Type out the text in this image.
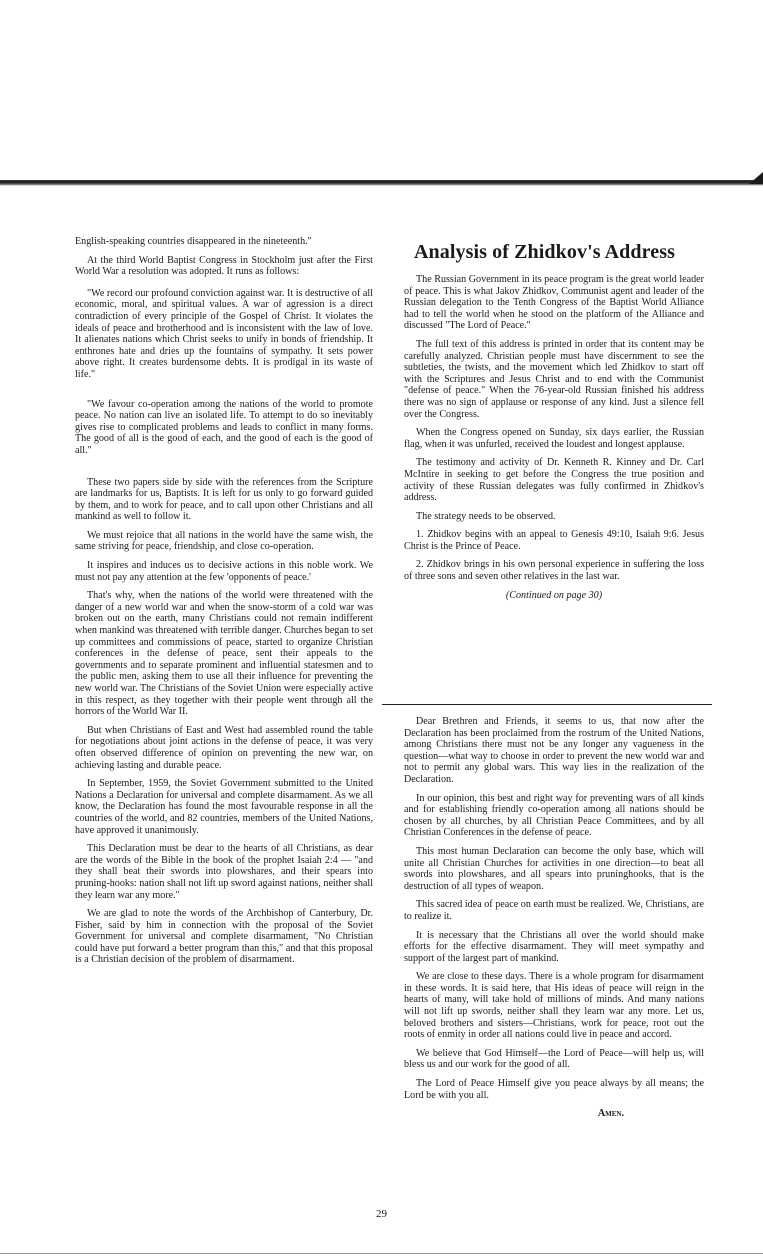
English-speaking countries disappeared in the nineteenth."

At the third World Baptist Congress in Stockholm just after the First World War a resolution was adopted. It runs as follows:

"We record our profound conviction against war. It is destructive of all economic, moral, and spiritual values. A war of agression is a direct contradiction of every principle of the Gospel of Christ. It violates the ideals of peace and brotherhood and is inconsistent with the law of love. It alienates nations which Christ seeks to unify in bonds of friendship. It enthrones hate and dries up the fountains of sympathy. It sets power above right. It creates burdensome debts. It is prodigal in its waste of life."

"We favour co-operation among the nations of the world to promote peace. No nation can live an isolated life. To attempt to do so inevitably gives rise to complicated problems and leads to conflict in many forms. The good of all is the good of each, and the good of each is the good of all."

These two papers side by side with the references from the Scripture are landmarks for us, Baptists. It is left for us only to go forward guided by them, and to work for peace, and to call upon other Christians and all mankind as well to follow it.

We must rejoice that all nations in the world have the same wish, the same striving for peace, friendship, and close co-operation.

It inspires and induces us to decisive actions in this noble work. We must not pay any attention at the few 'opponents of peace.'

That's why, when the nations of the world were threatened with the danger of a new world war and when the snow-storm of a cold war was broken out on the earth, many Christians could not remain indifferent when mankind was threatened with terrible danger. Churches began to set up committees and commissions of peace, started to organize Christian conferences in the defense of peace, sent their appeals to the governments and to separate prominent and influential statesmen and to the public men, asking them to use all their influence for preventing the new world war. The Christians of the Soviet Union were especially active in this respect, as they together with their people went through all the horrors of the World War II.

But when Christians of East and West had assembled round the table for negotiations about joint actions in the defense of peace, it was very often observed difference of opinion on preventing the new war, on achieving lasting and durable peace.

In September, 1959, the Soviet Government submitted to the United Nations a Declaration for universal and complete disarmament. As we all know, the Declaration has found the most favourable response in all the countries of the world, and 82 countries, members of the United Nations, have approved it unanimously.

This Declaration must be dear to the hearts of all Christians, as dear are the words of the Bible in the book of the prophet Isaiah 2:4 — "and they shall beat their swords into plowshares, and their spears into pruning-hooks: nation shall not lift up sword against nations, neither shall they learn war any more."

We are glad to note the words of the Archbishop of Canterbury, Dr. Fisher, said by him in connection with the proposal of the Soviet Government for universal and complete disarmament, "No Christian could have put forward a better program than this," and that this proposal is a Christian decision of the problem of disarmament.

Analysis of Zhidkov's Address

The Russian Government in its peace program is the great world leader of peace. This is what Jakov Zhidkov, Communist agent and leader of the Russian delegation to the Tenth Congress of the Baptist World Alliance had to tell the world when he stood on the platform of the Alliance and discussed "The Lord of Peace."

The full text of this address is printed in order that its content may be carefully analyzed. Christian people must have discernment to see the subtleties, the twists, and the movement which led Zhidkov to start off with the Scriptures and Jesus Christ and to end with the Communist "defense of peace." When the 76-year-old Russian finished his address there was no sign of applause or response of any kind. Just a silence fell over the Congress.

When the Congress opened on Sunday, six days earlier, the Russian flag, when it was unfurled, received the loudest and longest applause.

The testimony and activity of Dr. Kenneth R. Kinney and Dr. Carl McIntire in seeking to get before the Congress the true position and activity of these Russian delegates was fully confirmed in Zhidkov's address.

The strategy needs to be observed.

1. Zhidkov begins with an appeal to Genesis 49:10, Isaiah 9:6. Jesus Christ is the Prince of Peace.

2. Zhidkov brings in his own personal experience in suffering the loss of three sons and seven other relatives in the last war.

(Continued on page 30)

Dear Brethren and Friends, it seems to us, that now after the Declaration has been proclaimed from the rostrum of the United Nations, among Christians there must not be any longer any vagueness in the question—what way to choose in order to prevent the new world war and not to permit any global wars. This way lies in the realization of the Declaration.

In our opinion, this best and right way for preventing wars of all kinds and for establishing friendly co-operation among all nations should be chosen by all churches, by all Christian Peace Committees, and by all Christian Conferences in the defense of peace.

This most human Declaration can become the only base, which will unite all Christian Churches for activities in one direction—to beat all swords into plowshares, and all spears into pruninghooks, that is the destruction of all types of weapon.

This sacred idea of peace on earth must be realized. We, Christians, are to realize it.

It is necessary that the Christians all over the world should make efforts for the effective disarmament. They will meet sympathy and support of the largest part of mankind.

We are close to these days. There is a whole program for disarmament in these words. It is said here, that His ideas of peace will reign in the hearts of many, will take hold of millions of minds. And many nations will not lift up swords, neither shall they learn war any more. Let us, beloved brothers and sisters—Christians, work for peace, root out the roots of enmity in order all nations could live in peace and accord.

We believe that God Himself—the Lord of Peace—will help us, will bless us and our work for the good of all.

The Lord of Peace Himself give you peace always by all means; the Lord be with you all.

Amen.

29
